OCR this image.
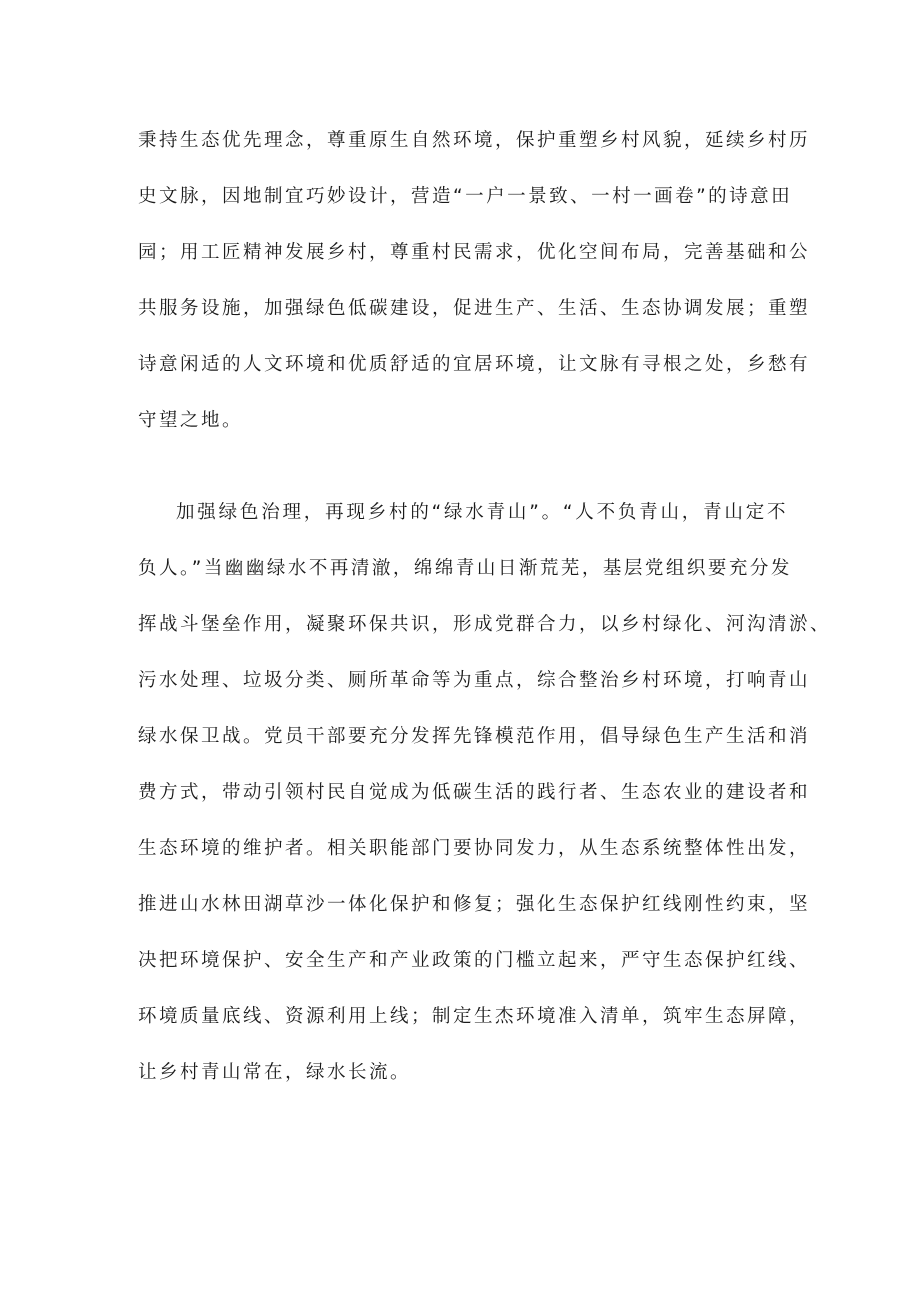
秉持生态优先理念，尊重原生自然环境，保护重塑乡村风貌，延续乡村历
史文脉，因地制宜巧妙设计，营造“一户一景致、一村一画卷”的诗意田
园；用工匠精神发展乡村，尊重村民需求，优化空间布局，完善基础和公
共服务设施，加强绿色低碳建设，促进生产、生活、生态协调发展；重塑
诗意闲适的人文环境和优质舒适的宜居环境，让文脉有寻根之处，乡愁有
守望之地。
加强绿色治理，再现乡村的“绿水青山”。“人不负青山，青山定不
负人。”当幽幽绿水不再清澈，绵绵青山日渐荒芜，基层党组织要充分发
挥战斗堡垒作用，凝聚环保共识，形成党群合力，以乡村绿化、河沟清淤、
污水处理、垃圾分类、厕所革命等为重点，综合整治乡村环境，打响青山
绿水保卫战。党员干部要充分发挥先锋模范作用，倡导绿色生产生活和消
费方式，带动引领村民自觉成为低碳生活的践行者、生态农业的建设者和
生态环境的维护者。相关职能部门要协同发力，从生态系统整体性出发，
推进山水林田湖草沙一体化保护和修复；强化生态保护红线刚性约束，坚
决把环境保护、安全生产和产业政策的门槛立起来，严守生态保护红线、
环境质量底线、资源利用上线；制定生杰环境准入清单，筑牢生态屏障，
让乡村青山常在，绿水长流。
